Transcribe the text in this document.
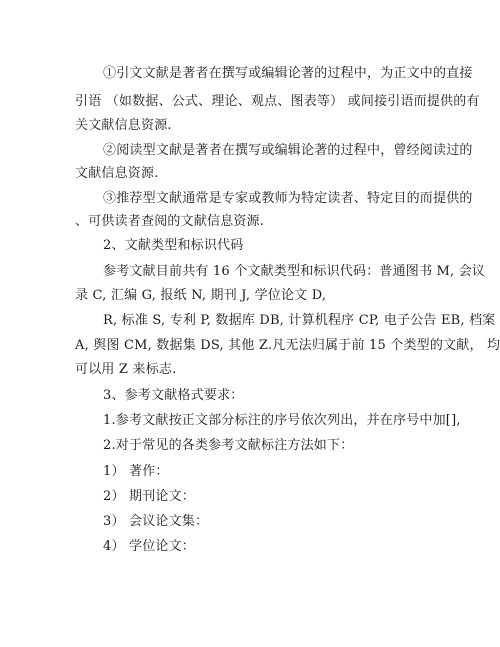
①引文文献是著者在撰写或编辑论著的过程中，为正文中的直接
引语 （如数据、公式、理论、观点、图表等） 或间接引语而提供的有
关文献信息资源.
②阅读型文献是著者在撰写或编辑论著的过程中，曾经阅读过的
文献信息资源.
③推荐型文献通常是专家或教师为特定读者、特定目的而提供的
、可供读者查阅的文献信息资源.
2、文献类型和标识代码
参考文献目前共有 16 个文献类型和标识代码：普通图书 M, 会议
录 C, 汇编 G, 报纸 N, 期刊 J, 学位论文 D,
R, 标准 S, 专利 P, 数据库 DB, 计算机程序 CP, 电子公告 EB, 档案
A, 舆图 CM, 数据集 DS, 其他 Z.凡无法归属于前 15 个类型的文献， 均
可以用 Z 来标志.
3、参考文献格式要求：
1.参考文献按正文部分标注的序号依次列出，并在序号中加[],
2.对于常见的各类参考文献标注方法如下：
1） 著作：
2） 期刊论文：
3） 会议论文集：
4） 学位论文：
